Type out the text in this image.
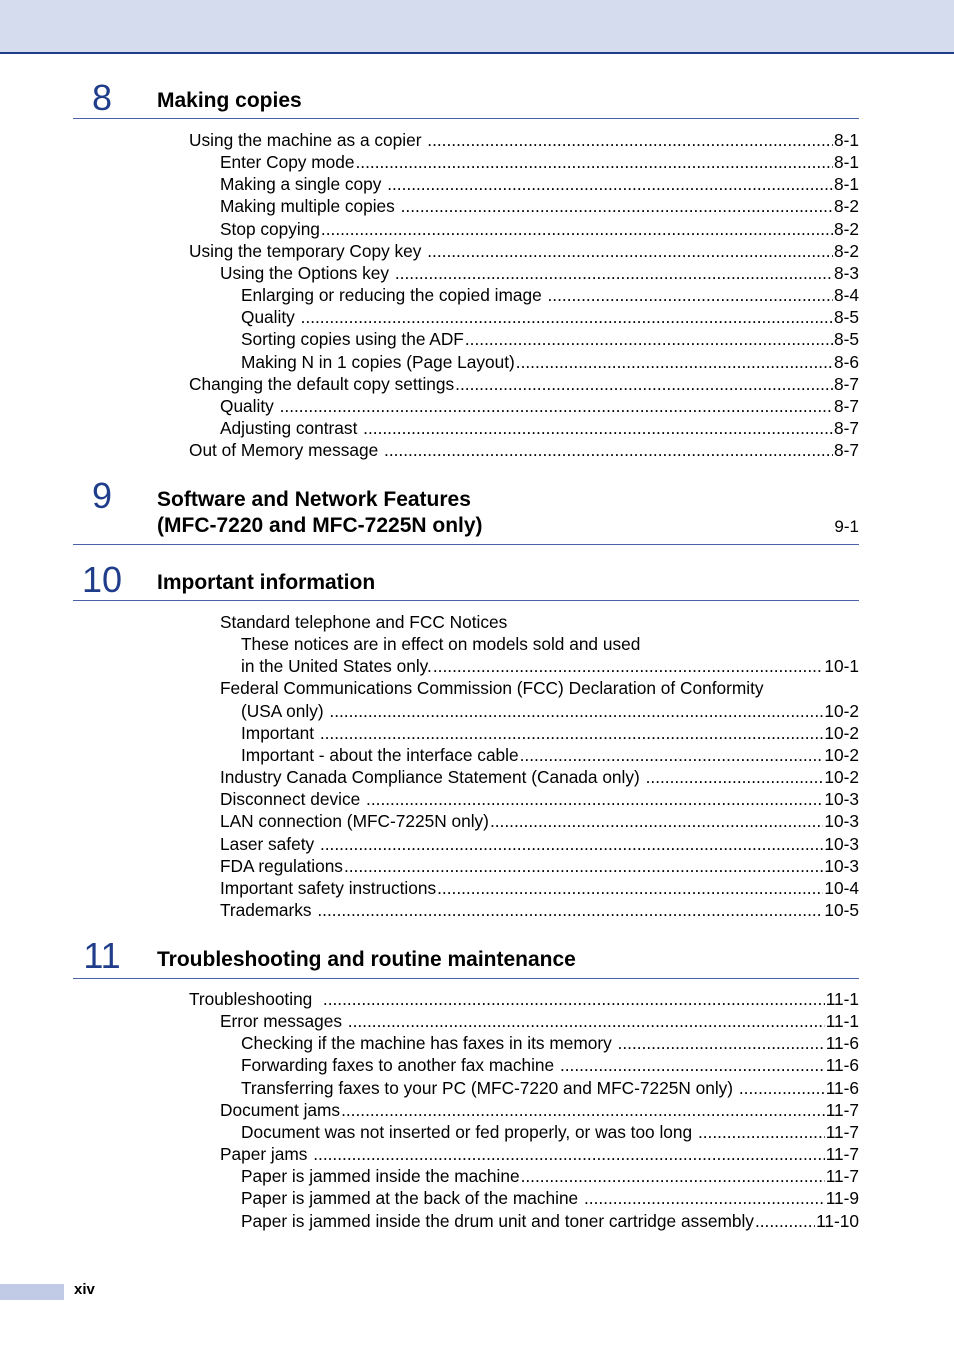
8	Making copies
Using the machine as a copier .....	8-1
Enter Copy mode .....	8-1
Making a single copy .....	8-1
Making multiple copies .....	8-2
Stop copying .....	8-2
Using the temporary Copy key .....	8-2
Using the Options key .....	8-3
Enlarging or reducing the copied image .....	8-4
Quality .....	8-5
Sorting copies using the ADF .....	8-5
Making N in 1 copies (Page Layout) .....	8-6
Changing the default copy settings .....	8-7
Quality .....	8-7
Adjusting contrast .....	8-7
Out of Memory message .....	8-7
9	Software and Network Features
(MFC-7220 and MFC-7225N only)	9-1
10 Important information
Standard telephone and FCC Notices
These notices are in effect on models sold and used
in the United States only. .....	10-1
Federal Communications Commission (FCC) Declaration of Conformity
(USA only) .....	10-2
Important .....	10-2
Important - about the interface cable .....	10-2
Industry Canada Compliance Statement (Canada only) .....	10-2
Disconnect device .....	10-3
LAN connection (MFC-7225N only) .....	10-3
Laser safety .....	10-3
FDA regulations .....	10-3
Important safety instructions .....	10-4
Trademarks .....	10-5
11 Troubleshooting and routine maintenance
Troubleshooting .....	11-1
Error messages .....	11-1
Checking if the machine has faxes in its memory .....	11-6
Forwarding faxes to another fax machine .....	11-6
Transferring faxes to your PC (MFC-7220 and MFC-7225N only) .....	11-6
Document jams .....	11-7
Document was not inserted or fed properly, or was too long .....	11-7
Paper jams .....	11-7
Paper is jammed inside the machine .....	11-7
Paper is jammed at the back of the machine .....	11-9
Paper is jammed inside the drum unit and toner cartridge assembly .....	11-10
xiv
